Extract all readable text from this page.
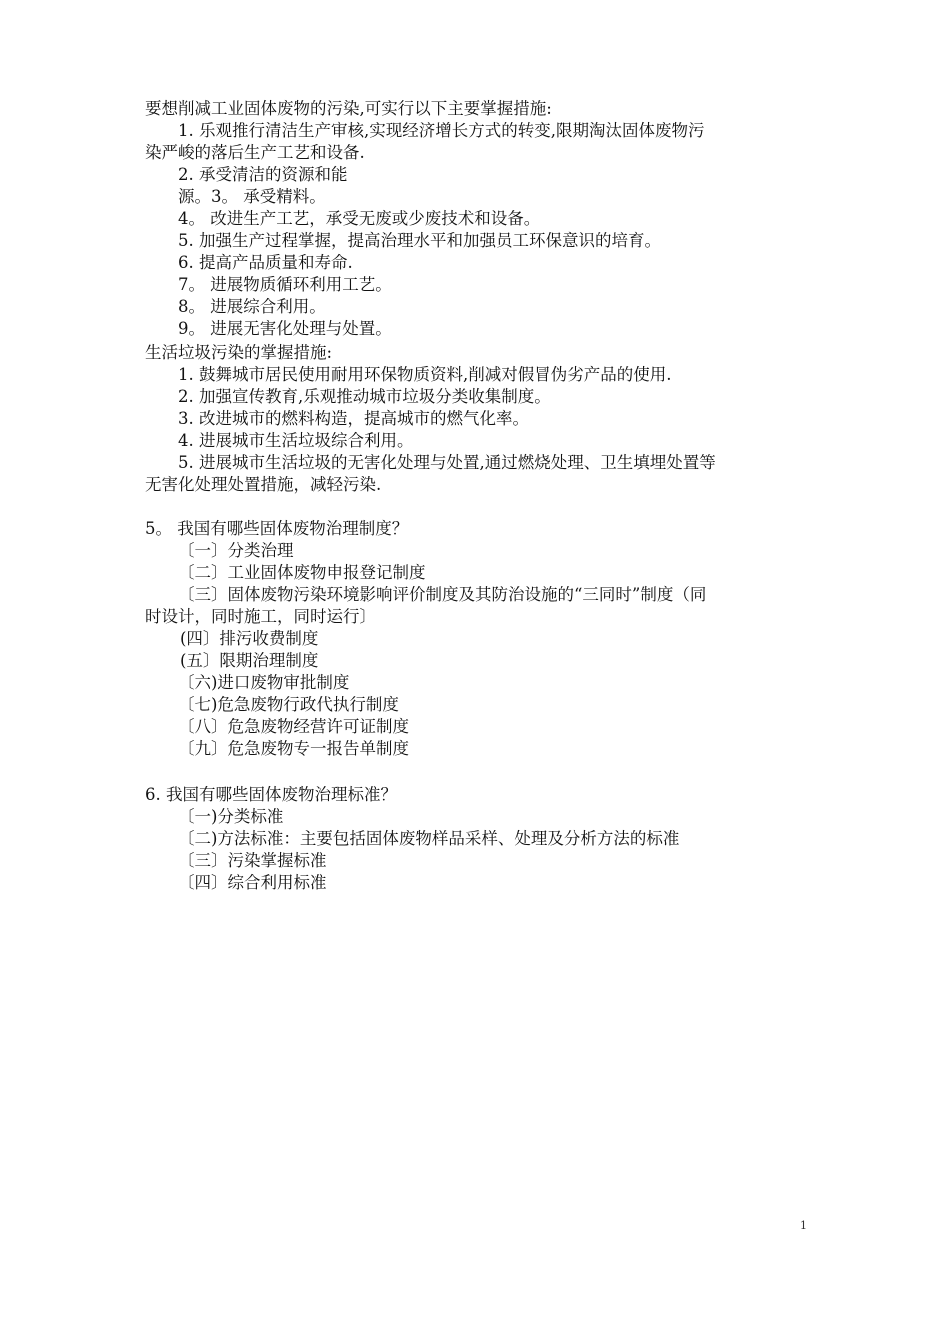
要想削减工业固体废物的污染,可实行以下主要掌握措施:
1. 乐观推行清洁生产审核,实现经济增长方式的转变,限期淘汰固体废物污
染严峻的落后生产工艺和设备.
2. 承受清洁的资源和能
源。3。 承受精料。
4。 改进生产工艺，承受无废或少废技术和设备。
5. 加强生产过程掌握，提高治理水平和加强员工环保意识的培育。
6. 提高产品质量和寿命.
7。 进展物质循环利用工艺。
8。 进展综合利用。
9。 进展无害化处理与处置。
生活垃圾污染的掌握措施:
1. 鼓舞城市居民使用耐用环保物质资料,削减对假冒伪劣产品的使用.
2. 加强宣传教育,乐观推动城市垃圾分类收集制度。
3. 改进城市的燃料构造，提高城市的燃气化率。
4. 进展城市生活垃圾综合利用。
5. 进展城市生活垃圾的无害化处理与处置,通过燃烧处理、卫生填埋处置等
无害化处理处置措施，减轻污染.
5。 我国有哪些固体废物治理制度？
〔一〕分类治理
〔二〕工业固体废物申报登记制度
〔三〕固体废物污染环境影响评价制度及其防治设施的“三同时”制度（同
时设计，同时施工，同时运行〕
(四〕排污收费制度
(五〕限期治理制度
〔六)进口废物审批制度
〔七)危急废物行政代执行制度
〔八〕危急废物经营许可证制度
〔九〕危急废物专一报告单制度
6. 我国有哪些固体废物治理标准？
〔一)分类标准
〔二)方法标准：主要包括固体废物样品采样、处理及分析方法的标准
〔三〕污染掌握标准
〔四〕综合利用标准
1
